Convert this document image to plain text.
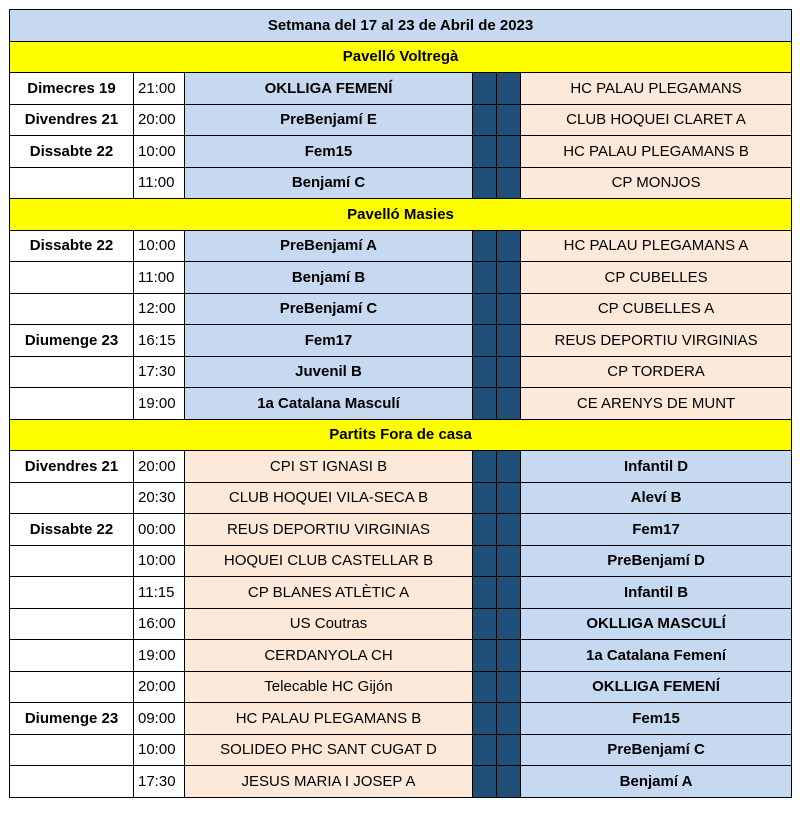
Setmana del 17 al 23 de Abril de 2023					
Pavelló Voltregà					
Dimecres 19	21:00	OKLLIGA FEMENÍ			HC PALAU PLEGAMANS
Divendres 21	20:00	PreBenjamí E			CLUB HOQUEI CLARET A
Dissabte 22	10:00	Fem15			HC PALAU PLEGAMANS B
	11:00	Benjamí C			CP MONJOS
Pavelló Masies					
Dissabte 22	10:00	PreBenjamí A			HC PALAU PLEGAMANS A
	11:00	Benjamí B			CP CUBELLES
	12:00	PreBenjamí C			CP CUBELLES A
Diumenge 23	16:15	Fem17			REUS DEPORTIU VIRGINIAS
	17:30	Juvenil B			CP TORDERA
	19:00	1a Catalana Masculí			CE ARENYS DE MUNT
Partits Fora de casa					
Divendres 21	20:00	CPI ST IGNASI B			Infantil D
	20:30	CLUB HOQUEI VILA-SECA B			Aleví B
Dissabte 22	00:00	REUS DEPORTIU VIRGINIAS			Fem17
	10:00	HOQUEI CLUB CASTELLAR B			PreBenjamí D
	11:15	CP BLANES ATLÈTIC A			Infantil B
	16:00	US Coutras			OKLLIGA MASCULÍ
	19:00	CERDANYOLA CH			1a Catalana Femení
	20:00	Telecable HC Gijón			OKLLIGA FEMENÍ
Diumenge 23	09:00	HC PALAU PLEGAMANS B			Fem15
	10:00	SOLIDEO PHC SANT CUGAT D			PreBenjamí C
	17:30	JESUS MARIA I JOSEP A			Benjamí A
